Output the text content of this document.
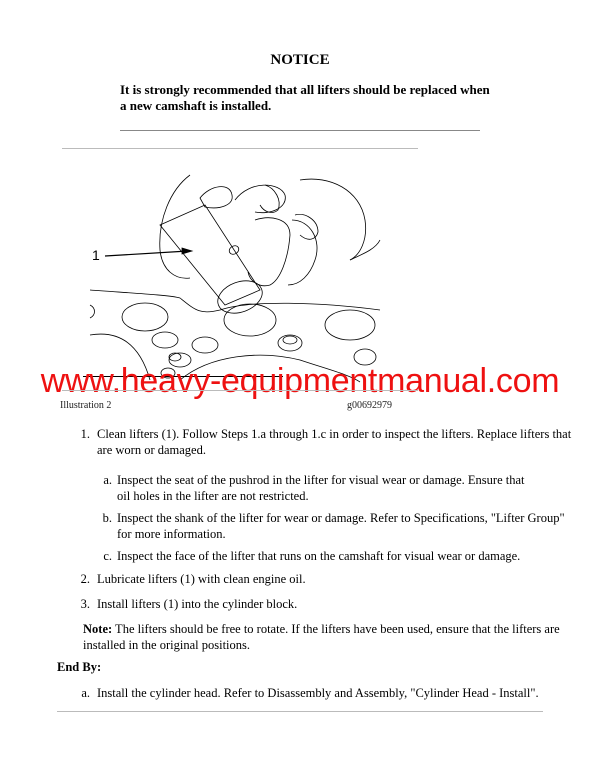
NOTICE
It is strongly recommended that all lifters should be replaced when a new camshaft is installed.
1
www.heavy-equipmentmanual.com
Illustration 2	g00692979
1. Clean lifters (1). Follow Steps 1.a through 1.c in order to inspect the lifters. Replace lifters that are worn or damaged.
a. Inspect the seat of the pushrod in the lifter for visual wear or damage. Ensure that oil holes in the lifter are not restricted.
b. Inspect the shank of the lifter for wear or damage. Refer to Specifications, "Lifter Group" for more information.
c. Inspect the face of the lifter that runs on the camshaft for visual wear or damage.
2. Lubricate lifters (1) with clean engine oil.
3. Install lifters (1) into the cylinder block.
Note: The lifters should be free to rotate. If the lifters have been used, ensure that the lifters are installed in the original positions.
End By:
a. Install the cylinder head. Refer to Disassembly and Assembly, "Cylinder Head - Install".
